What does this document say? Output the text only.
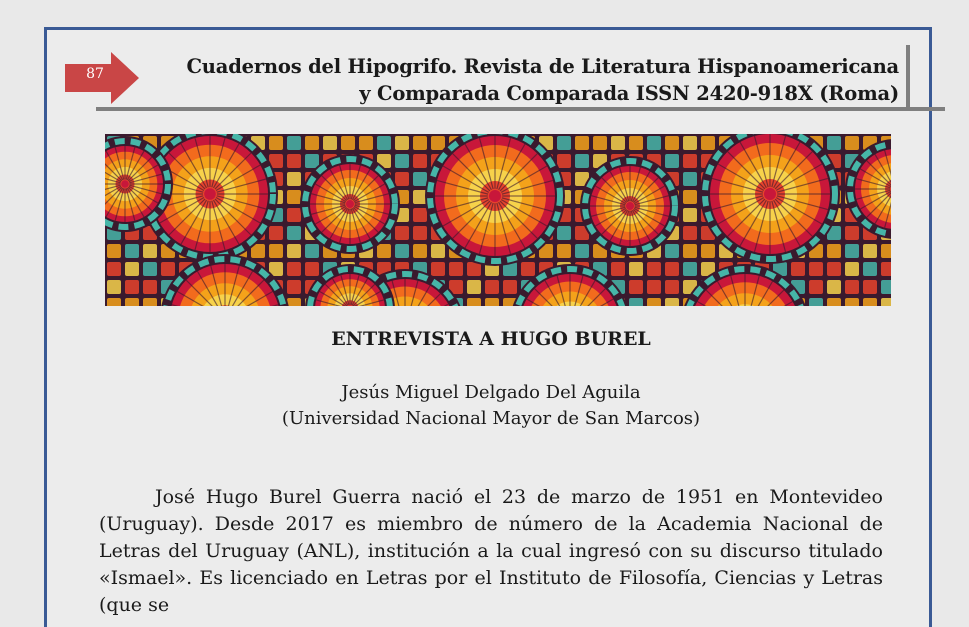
87	Cuadernos del Hipogrifo. Revista de Literatura Hispanoamericana y Comparada Comparada ISSN 2420-918X (Roma)
ENTREVISTA A HUGO BUREL
Jesús Miguel Delgado Del Aguila
(Universidad Nacional Mayor de San Marcos)
José Hugo Burel Guerra nació el 23 de marzo de 1951 en Montevideo (Uruguay). Desde 2017 es miembro de número de la Academia Nacional de Letras del Uruguay (ANL), institución a la cual ingresó con su discurso titulado «Ismael». Es licenciado en Letras por el Instituto de Filosofía, Ciencias y Letras (que se
